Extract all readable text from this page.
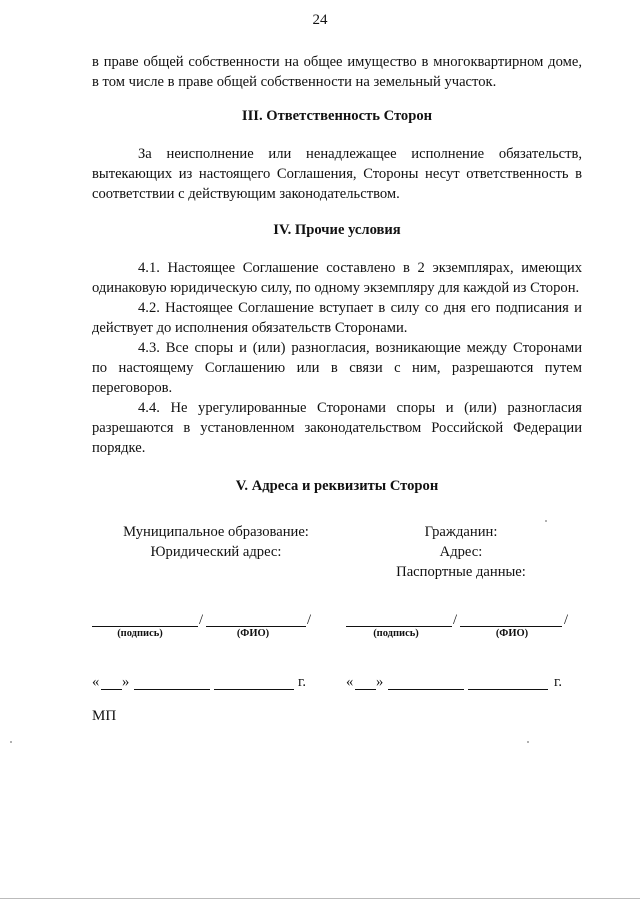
24

в праве общей собственности на общее имущество в многоквартирном доме, в том числе в праве общей собственности на земельный участок.

III. Ответственность Сторон

За неисполнение или ненадлежащее исполнение обязательств, вытекающих из настоящего Соглашения, Стороны несут ответственность в соответствии с действующим законодательством.

IV. Прочие условия

4.1. Настоящее Соглашение составлено в 2 экземплярах, имеющих одинаковую юридическую силу, по одному экземпляру для каждой из Сторон.

4.2. Настоящее Соглашение вступает в силу со дня его подписания и действует до исполнения обязательств Сторонами.

4.3. Все споры и (или) разногласия, возникающие между Сторонами по настоящему Соглашению или в связи с ним, разрешаются путем переговоров.

4.4. Не урегулированные Сторонами споры и (или) разногласия разрешаются в установленном законодательством Российской Федерации порядке.

V. Адреса и реквизиты Сторон

Муниципальное образование:
Юридический адрес:
Гражданин:
Адрес:
Паспортные данные:
/	/
(подпись)	(ФИО)
/	/
(подпись)	(ФИО)
« »	г.	« »	г.
МП
